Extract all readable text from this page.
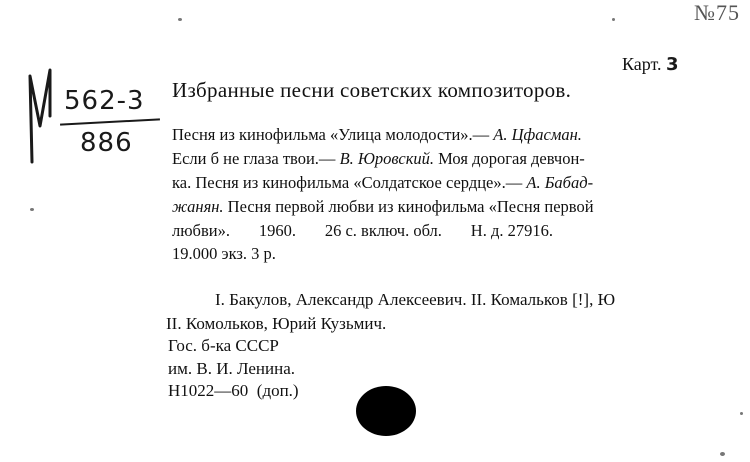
№75
Карт. 3
562-3
886
Избранные песни советских композиторов.
Песня из кинофильма «Улица молодости».— А. Цфасман.
Если б не глаза твои.— В. Юровский. Моя дорогая девчон-
ка. Песня из кинофильма «Солдатское сердце».— А. Бабад-
жанян. Песня первой любви из кинофильма «Песня первой
любви».       1960.       26 с. включ. обл.       Н. д. 27916.
19.000 экз. 3 р.
I. Бакулов, Александр Алексеевич. II. Комальков [!], Ю
II. Комольков, Юрий Кузьмич.
Гос. б-ка СССР
им. В. И. Ленина.
H1022—60  (доп.)
